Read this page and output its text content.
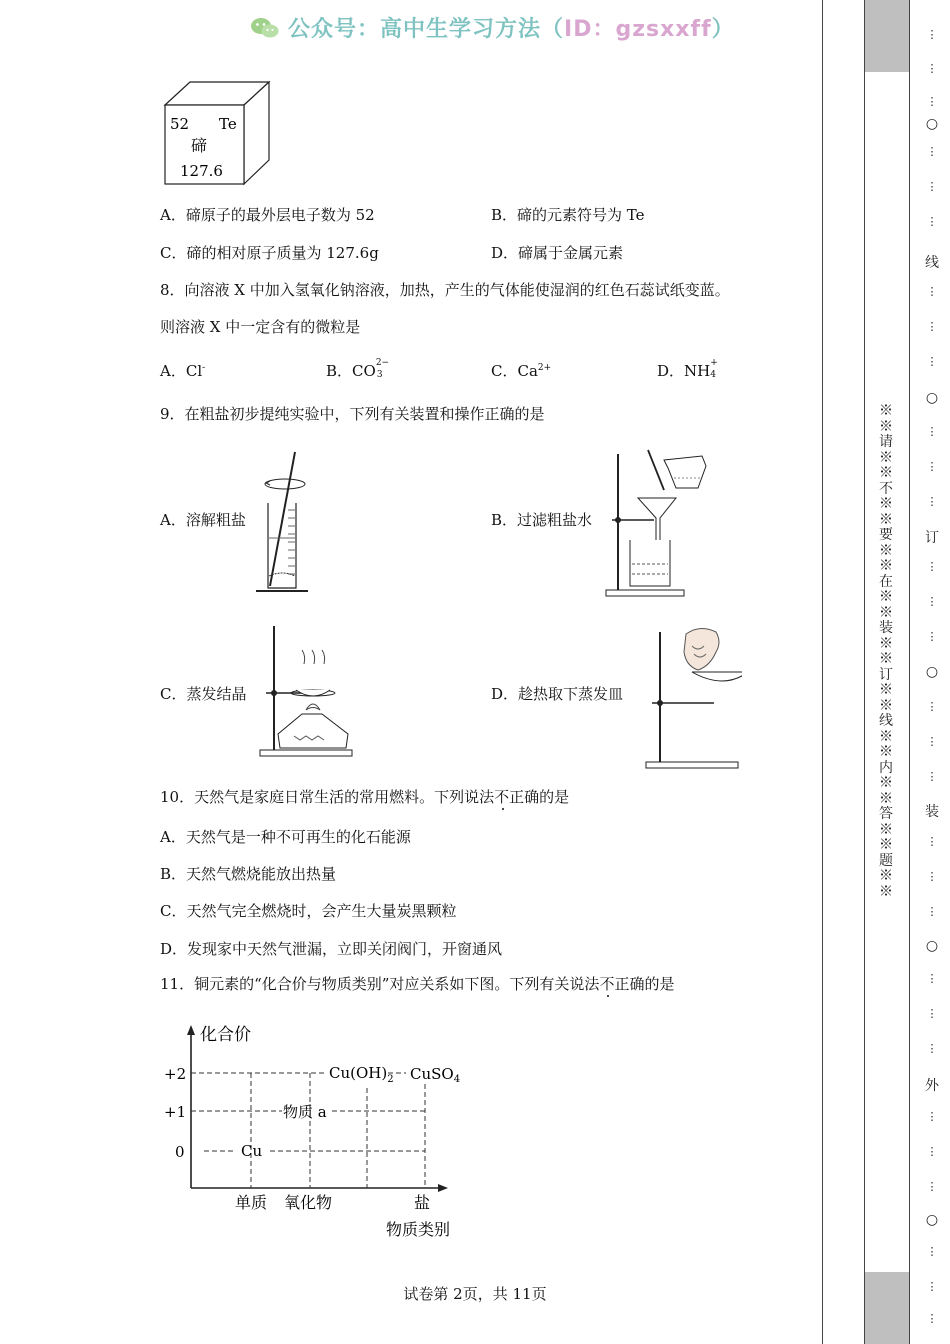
公众号：高中生学习方法（ID：gzsxxff）
52 Te
碲
127.6
A．碲原子的最外层电子数为 52	B．碲的元素符号为 Te
C．碲的相对原子质量为 127.6g	D．碲属于金属元素
8．向溶液 X 中加入氢氧化钠溶液，加热，产生的气体能使湿润的红色石蕊试纸变蓝。
则溶液 X 中一定含有的微粒是
A．Cl-	B．CO 2−
3	C．$Ca^{2+}$	D．NH +
4
9．在粗盐初步提纯实验中，下列有关装置和操作正确的是
A．溶解粗盐	B．过滤粗盐水
C．蒸发结晶	D．趁热取下蒸发皿
10．天然气是家庭日常生活的常用燃料。下列说法不正确的是
A．天然气是一种不可再生的化石能源
B．天然气燃烧能放出热量
C．天然气完全燃烧时，会产生大量炭黑颗粒
D．发现家中天然气泄漏，立即关闭阀门，开窗通风
11．铜元素的“化合价与物质类别”对应关系如下图。下列有关说法不正确的是
化合价
+2
+1
0	Cu
物质 a
$Cu(OH)_2$ CuSO$_4$
单质 氧化物	盐
物质类别
试卷第 2页，共 11页
※※请※※不※※要※※在※※装※※订※※线※※内※※答※※题※※
⋮
⋮
⋮
○
⋮
⋮
⋮
线
⋮
⋮
⋮
○
⋮
⋮
⋮
订
⋮
⋮
⋮
○
⋮
⋮
⋮
装
⋮
⋮
⋮
○
⋮
⋮
⋮
外
⋮
⋮
⋮
○
⋮
⋮
⋮
